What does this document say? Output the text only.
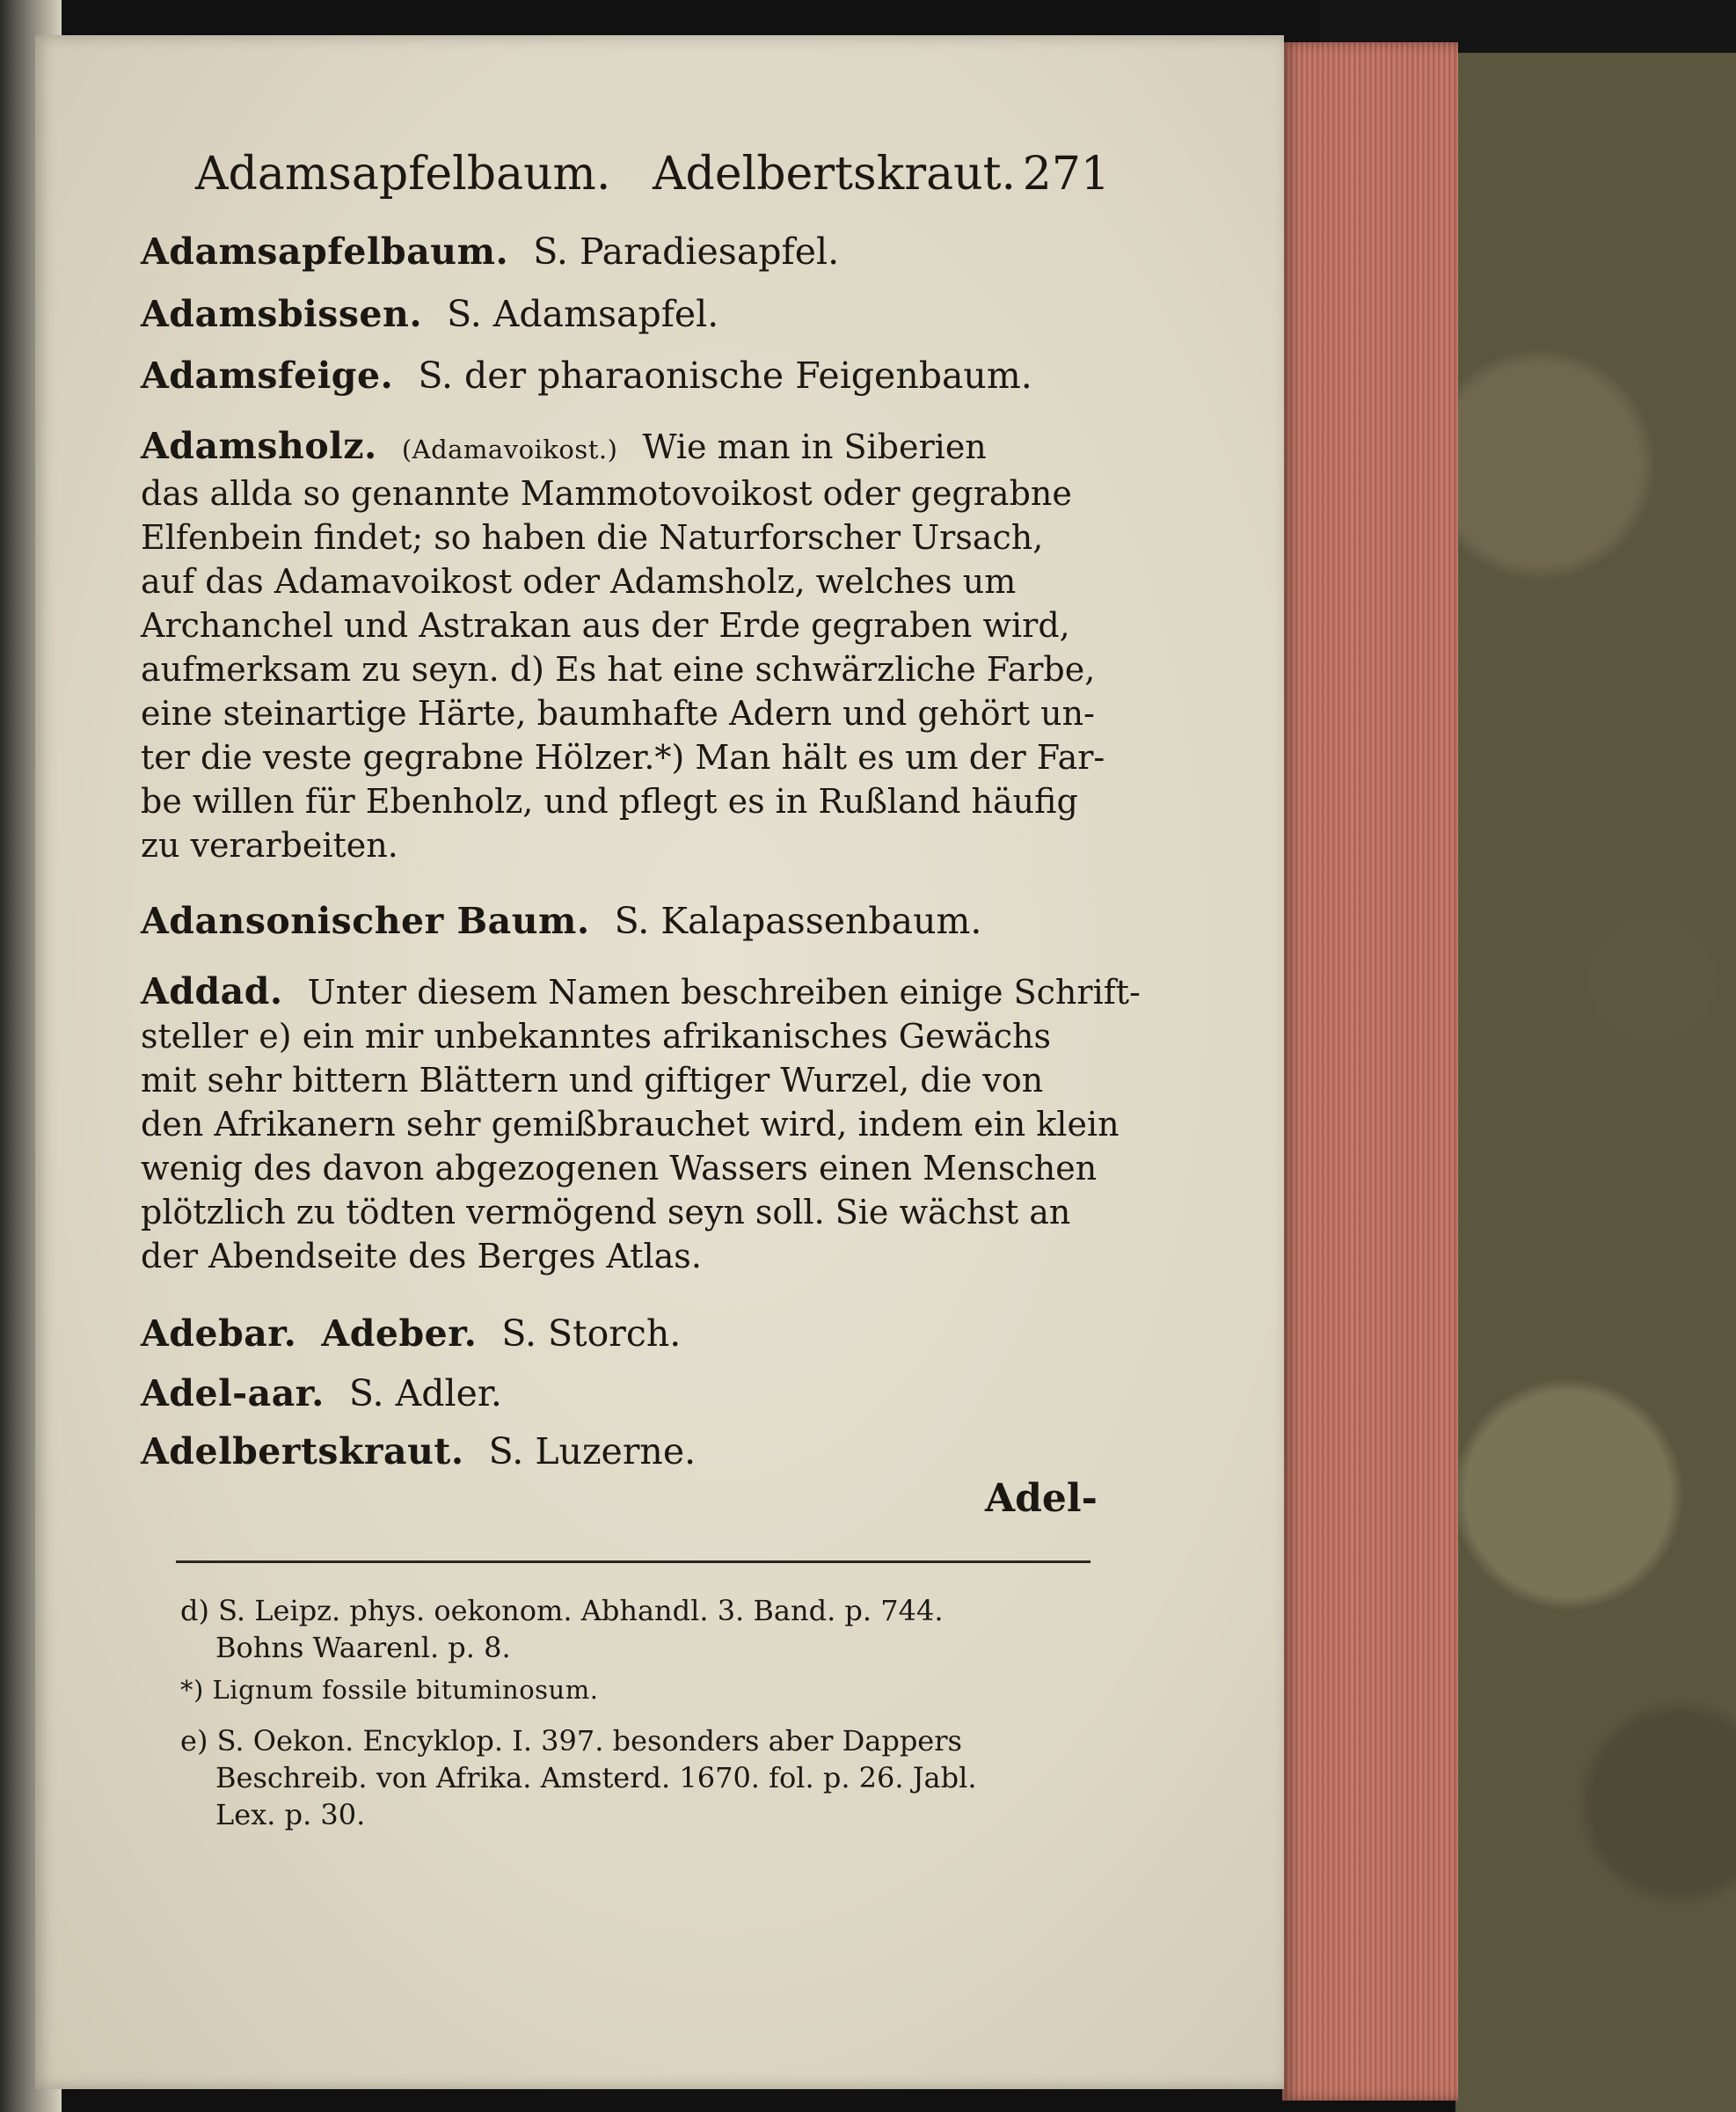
Adamsapfelbaum. Adelbertskraut. 271
Adamsapfelbaum. S. Paradiesapfel.
Adamsbissen. S. Adamsapfel.
Adamsfeige. S. der pharaonische Feigenbaum.
Adamsholz. (Adamavoikost.) Wie man in Siberien
das allda so genannte Mammotovoikost oder gegrabne
Elfenbein findet; so haben die Naturforscher Ursach,
auf das Adamavoikost oder Adamsholz, welches um
Archanchel und Astrakan aus der Erde gegraben wird,
aufmerksam zu seyn. d) Es hat eine schwärzliche Farbe,
eine steinartige Härte, baumhafte Adern und gehört un-
ter die veste gegrabne Hölzer.*) Man hält es um der Far-
be willen für Ebenholz, und pflegt es in Rußland häufig
zu verarbeiten.
Adansonischer Baum. S. Kalapassenbaum.
Addad. Unter diesem Namen beschreiben einige Schrift-
steller e) ein mir unbekanntes afrikanisches Gewächs
mit sehr bittern Blättern und giftiger Wurzel, die von
den Afrikanern sehr gemißbrauchet wird, indem ein klein
wenig des davon abgezogenen Wassers einen Menschen
plötzlich zu tödten vermögend seyn soll. Sie wächst an
der Abendseite des Berges Atlas.
Adebar. Adeber. S. Storch.
Adel-aar. S. Adler.
Adelbertskraut. S. Luzerne.
Adel-
d) S. Leipz. phys. oekonom. Abhandl. 3. Band. p. 744.
Bohns Waarenl. p. 8.
*) Lignum fossile bituminosum.
e) S. Oekon. Encyklop. I. 397. besonders aber Dappers
Beschreib. von Afrika. Amsterd. 1670. fol. p. 26. Jabl.
Lex. p. 30.
